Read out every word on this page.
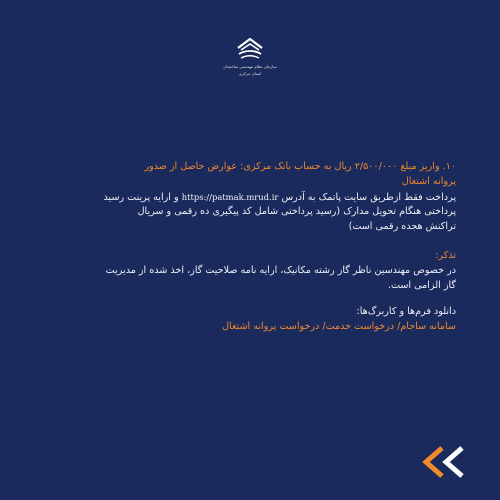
سازمان نظام مهندسی ساختمان
استان مرکزی

۱۰. واریز مبلغ ۲/۵۰۰/۰۰۰ ریال به حساب بانک مرکزی: عوارض حاصل از صدور

پروانه اشتغال

پرداخت فقط ازطریق سایت پاتمک به آدرس https://patmak.mrud.ir و ارایه پرینت رسید

پرداختی هنگام تحویل مدارک (رسید پرداختی شامل کد پیگیری ده رقمی و سریال

تراکنش هجده رقمی است)

تذکر:

در خصوص مهندسین ناظر گاز رشته مکانیک، ارایه نامه صلاحیت گاز، اخذ شده از مدیریت

گاز الزامی است.

دانلود فرم‌ها و کاربرگ‌ها:

سامانه ساجام/ درخواست خدمت/ درخواست پروانه اشتغال
